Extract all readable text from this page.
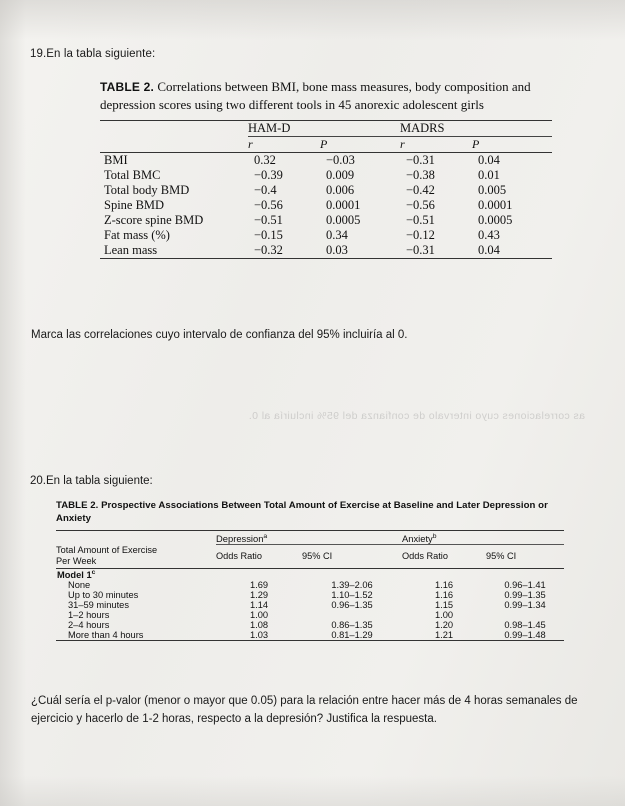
19.En la tabla siguiente:
TABLE 2. Correlations between BMI, bone mass measures, body composition and depression scores using two different tools in 45 anorexic adolescent girls

	HAM-D		MADRS	
	r	P	r	P

BMI	0.32	−0.03	−0.31	0.04
Total BMC	−0.39	0.009	−0.38	0.01
Total body BMD	−0.4	0.006	−0.42	0.005
Spine BMD	−0.56	0.0001	−0.56	0.0001
Z-score spine BMD	−0.51	0.0005	−0.51	0.0005
Fat mass (%)	−0.15	0.34	−0.12	0.43
Lean mass	−0.32	0.03	−0.31	0.04

Marca las correlaciones cuyo intervalo de confianza del 95% incluiría al 0.
as correlaciones cuyo intervalo de confianza del 95% incluiría al 0.
20.En la tabla siguiente:
TABLE 2. Prospective Associations Between Total Amount of Exercise at Baseline and Later Depression or Anxiety

	Depression$^a$		Anxiety$^b$
Total Amount of Exercise
Per Week	Odds Ratio	95% CI	Odds Ratio	95% CI

Model 1$^c$
None	1.69	1.39–2.06	1.16	0.96–1.41
Up to 30 minutes	1.29	1.10–1.52	1.16	0.99–1.35
31–59 minutes	1.14	0.96–1.35	1.15	0.99–1.34
1–2 hours	1.00		1.00	
2–4 hours	1.08	0.86–1.35	1.20	0.98–1.45
More than 4 hours	1.03	0.81–1.29	1.21	0.99–1.48

¿Cuál sería el p-valor (menor o mayor que 0.05) para la relación entre hacer más de 4 horas semanales de ejercicio y hacerlo de 1-2 horas, respecto a la depresión? Justifica la respuesta.
